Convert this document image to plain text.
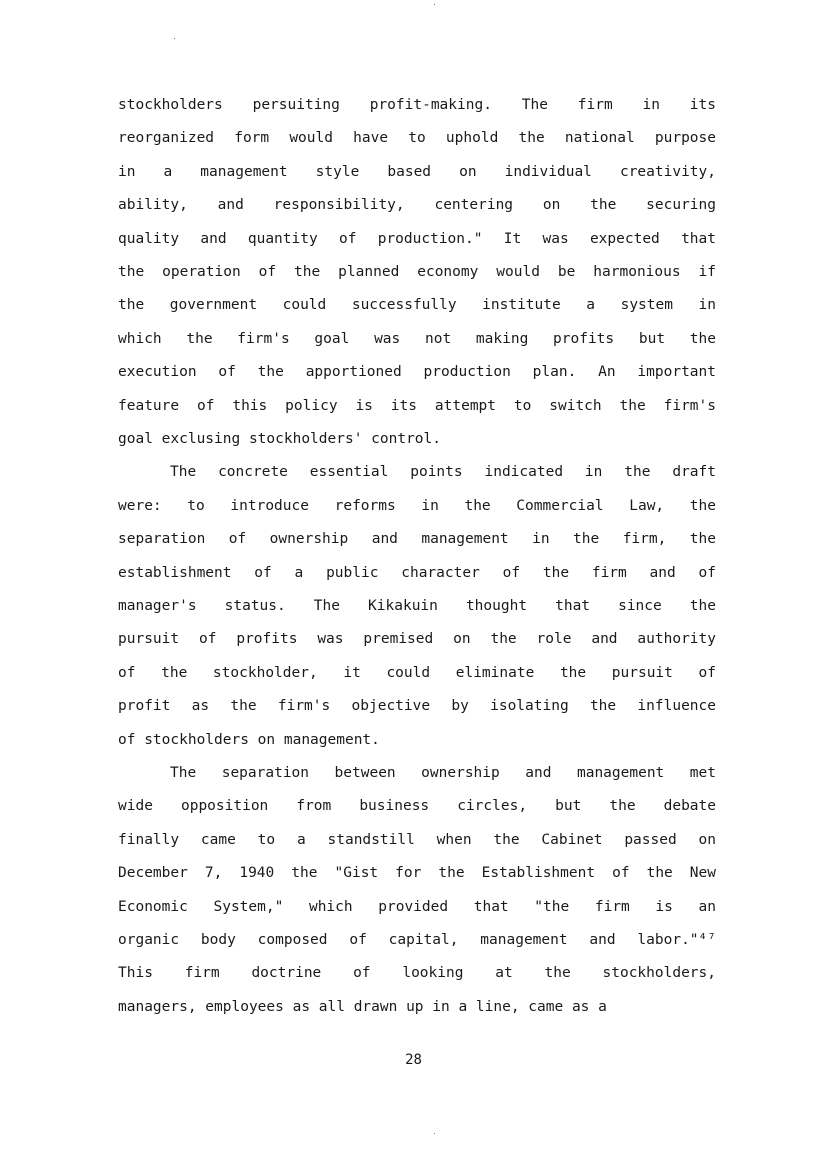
stockholders persuiting profit-making. The firm in its
reorganized form would have to uphold the national purpose
in a management style based on individual creativity,
ability, and responsibility, centering on the securing
quality and quantity of production." It was expected that
the operation of the planned economy would be harmonious if
the government could successfully institute a system in
which the firm's goal was not making profits but the
execution of the apportioned production plan. An important
feature of this policy is its attempt to switch the firm's
goal exclusing stockholders' control.
The concrete essential points indicated in the draft
were: to introduce reforms in the Commercial Law, the
separation of ownership and management in the firm, the
establishment of a public character of the firm and of
manager's status. The Kikakuin thought that since the
pursuit of profits was premised on the role and authority
of the stockholder, it could eliminate the pursuit of
profit as the firm's objective by isolating the influence
of stockholders on management.
The separation between ownership and management met
wide opposition from business circles, but the debate
finally came to a standstill when the Cabinet passed on
December 7, 1940 the "Gist for the Establishment of the New
Economic System," which provided that "the firm is an
organic body composed of capital, management and labor."⁴⁷
This firm doctrine of looking at the stockholders,
managers, employees as all drawn up in a line, came as a
28
